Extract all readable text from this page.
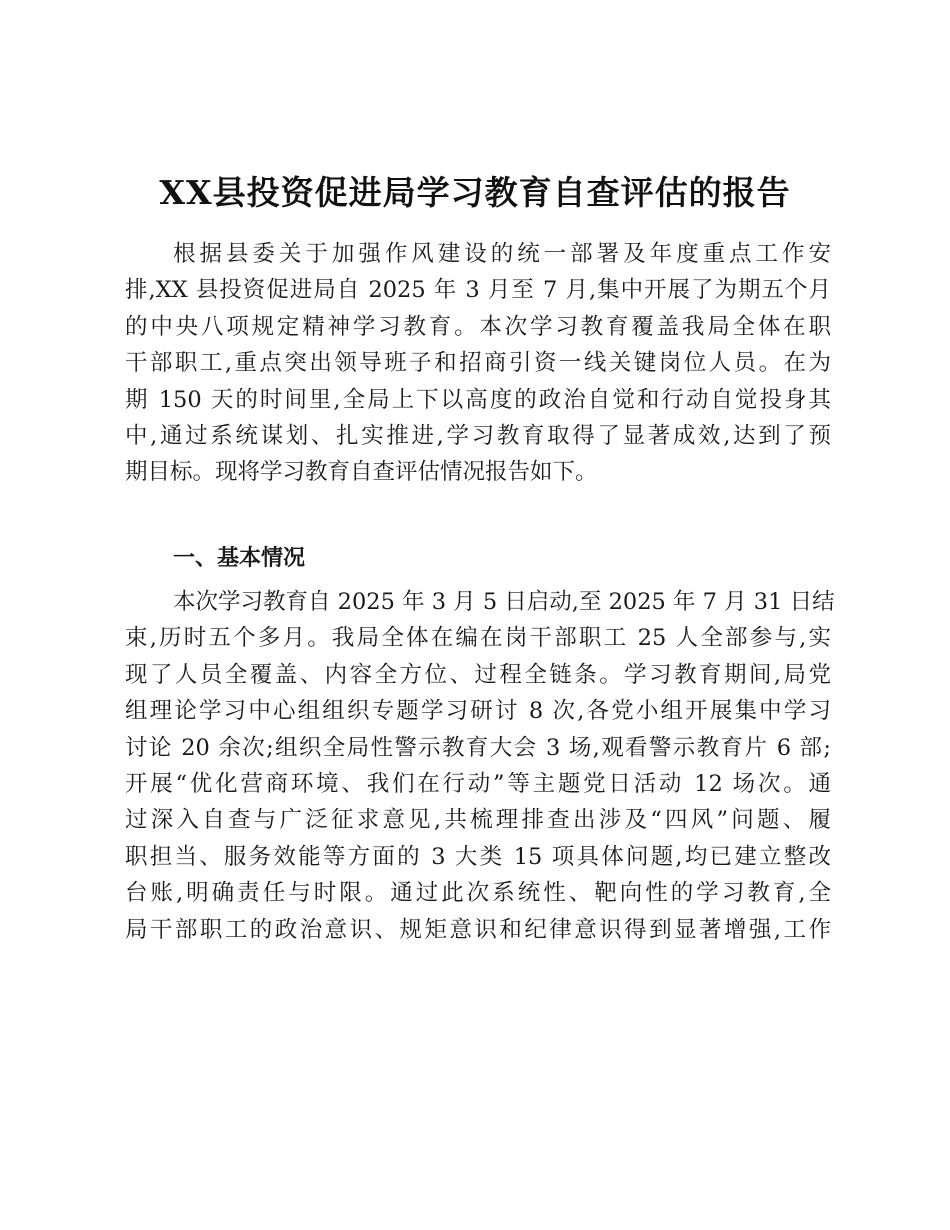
XX县投资促进局学习教育自查评估的报告
根据县委关于加强作风建设的统一部署及年度重点工作安
排,XX 县投资促进局自 2025 年 3 月至 7 月,集中开展了为期五个月
的中央八项规定精神学习教育。本次学习教育覆盖我局全体在职
干部职工,重点突出领导班子和招商引资一线关键岗位人员。在为
期 150 天的时间里,全局上下以高度的政治自觉和行动自觉投身其
中,通过系统谋划、扎实推进,学习教育取得了显著成效,达到了预
期目标。现将学习教育自查评估情况报告如下。
一、基本情况
本次学习教育自 2025 年 3 月 5 日启动,至 2025 年 7 月 31 日结
束,历时五个多月。我局全体在编在岗干部职工 25 人全部参与,实
现了人员全覆盖、内容全方位、过程全链条。学习教育期间,局党
组理论学习中心组组织专题学习研讨 8 次,各党小组开展集中学习
讨论 20 余次;组织全局性警示教育大会 3 场,观看警示教育片 6 部;
开展“优化营商环境、我们在行动”等主题党日活动 12 场次。通
过深入自查与广泛征求意见,共梳理排查出涉及“四风”问题、履
职担当、服务效能等方面的 3 大类 15 项具体问题,均已建立整改
台账,明确责任与时限。通过此次系统性、靶向性的学习教育,全
局干部职工的政治意识、规矩意识和纪律意识得到显著增强,工作
